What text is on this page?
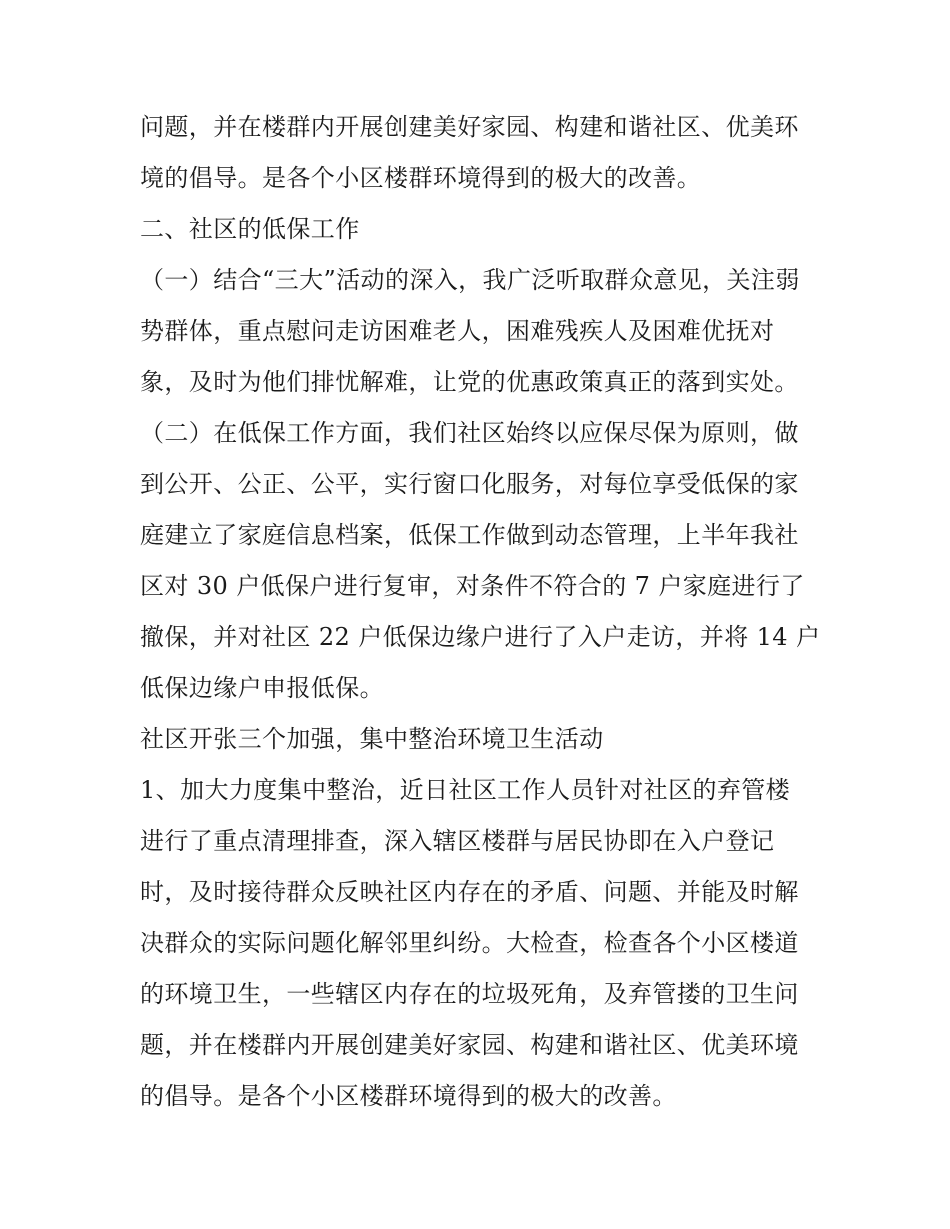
问题，并在楼群内开展创建美好家园、构建和谐社区、优美环
境的倡导。是各个小区楼群环境得到的极大的改善。
二、社区的低保工作
（一）结合“三大”活动的深入，我广泛听取群众意见，关注弱
势群体，重点慰问走访困难老人，困难残疾人及困难优抚对
象，及时为他们排忧解难，让党的优惠政策真正的落到实处。
（二）在低保工作方面，我们社区始终以应保尽保为原则，做
到公开、公正、公平，实行窗口化服务，对每位享受低保的家
庭建立了家庭信息档案，低保工作做到动态管理，上半年我社
区对 30 户低保户进行复审，对条件不符合的 7 户家庭进行了
撤保，并对社区 22 户低保边缘户进行了入户走访，并将 14 户
低保边缘户申报低保。
社区开张三个加强，集中整治环境卫生活动
1、加大力度集中整治，近日社区工作人员针对社区的弃管楼
进行了重点清理排查，深入辖区楼群与居民协即在入户登记
时，及时接待群众反映社区内存在的矛盾、问题、并能及时解
决群众的实际问题化解邻里纠纷。大检查，检查各个小区楼道
的环境卫生，一些辖区内存在的垃圾死角，及弃管搂的卫生问
题，并在楼群内开展创建美好家园、构建和谐社区、优美环境
的倡导。是各个小区楼群环境得到的极大的改善。
